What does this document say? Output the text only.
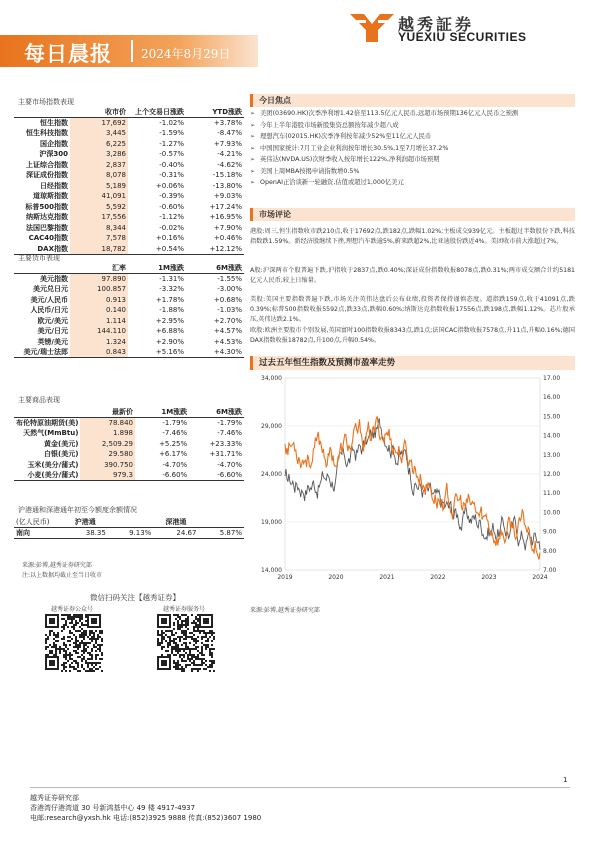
每日晨报 2024年8月29日
越秀証券
YUEXIU SECURITIES
主要市场指数表现
	收市价	上个交易日涨跌	YTD涨跌
恒生指数	17,692	-1.02%	+3.78%
恒生科技指数	3,445	-1.59%	-8.47%
国企指数	6,225	-1.27%	+7.93%
沪深300	3,286	-0.57%	-4.21%
上证综合指数	2,837	-0.40%	-4.62%
深证成份指数	8,078	-0.31%	-15.18%
日经指数	5,189	+0.06%	-13.80%
道琼斯指数	41,091	-0.39%	+9.03%
标普500指数	5,592	-0.60%	+17.24%
纳斯达克指数	17,556	-1.12%	+16.95%
法国巴黎指数	8,344	-0.02%	+7.90%
CAC40指数	7,578	+0.16%	+0.46%
DAX指数	18,782	+0.54%	+12.12%
主要货币表现
	汇率	1M涨跌	6M涨跌
美元指数	97.890	-1.31%	-1.55%
美元兑日元	100.857	-3.32%	-3.00%
美元/人民币	0.913	+1.78%	+0.68%
人民币/日元	0.140	-1.88%	-1.03%
欧元/美元	1.114	+2.95%	+2.70%
美元/日元	144.110	+6.88%	+4.57%
英镑/美元	1.324	+2.90%	+4.53%
美元/瑞士法郎	0.843	+5.16%	+4.30%
主要商品表现
	最新价	1M涨跌	6M涨跌
布伦特原油期货(美)	78.840	-1.79%	-1.79%
天然气(MmBtu)	1.898	-7.46%	-7.46%
黄金(美元)	2,509.29	+5.25%	+23.33%
白银(美元)	29.580	+6.17%	+31.71%
玉米(美分/蒲式)	390.750	-4.70%	-4.70%
小麦(美分/蒲式)	979.3	-6.60%	-6.60%
沪港通和深港通年初至今额度余额情况
(亿人民币)	沪港通		深港通	
南向	38.35	9.13%	24.67	5.87%
来源:彭博,越秀证券研究部
注:以上数据均截止至当日收市
微信扫码关注【越秀证券】
越秀证券公众号	越秀证券服务号
今日焦点
➢ 美团(03690.HK)次季净利增1.42倍至113.5亿元人民币,远超市场预期136亿元人民币之预测
➢ 今年上半年港股市场新股集资总额按年减少超八成
➢ 理想汽车(02015.HK)次季净利按年减少52%至11亿元人民币
➢ 中国国家统计:7月工业企业利润按年增长30.5%,1至7月增长37.2%
➢ 英伟达(NVDA.US)次财季收入按年增长122%,净利润超市场预期
➢ 美国上周MBA按揭申请指数增0.5%
➢ OpenAI正洽谈新一轮融资,估值或超过1,000亿美元
市场评论
港股:周三,恒生指数收市跌210点,收于17692点,跌182点,跌幅1.02%;主板成交939亿元。主板超过半数股份下跌,科技指数跌1.59%。新经济股继续下挫,理想汽车跌逾5%,蔚来跌超2%,比亚迪股份跌近4%。美团收市前大涨超过7%。
A股:沪深两市个股普遍下跌,沪指收于2837点,跌0.40%;深证成份指数收报8078点,跌0.31%;两市成交额合计约5181亿元人民币,较上日缩量。
美股:美国主要指数普遍下跌,市场关注英伟达盘后公布业绩,投资者保持谨慎态度。道指跌159点,收于41091点,跌0.39%;标普500指数收报5592点,跌33点,跌幅0.60%;纳斯达克指数收报17556点,跌198点,跌幅1.12%。芯片股承压,英伟达跌2.1%。
欧股:欧洲主要股市个别发展,英国富时100指数收报8343点,跌1点;法国CAC指数收报7578点,升11点,升幅0.16%;德国DAX指数收报18782点,升100点,升幅0.54%。
过去五年恒生指数及预测市盈率走势
34,000
29,000
24,000
19,000
14,000
17.00
16.00
15.00
14.00
13.00
12.00
11.00
10.00
9.00
8.00
7.00
2019	2020	2021	2022	2023	2024
来源:彭博,越秀证券研究部
1
越秀证券研究部
香港湾仔港湾道 30 号新鸿基中心 49 楼 4917-4937
电邮:research@yxsh.hk 电话:(852)3925 9888 传真:(852)3607 1980
